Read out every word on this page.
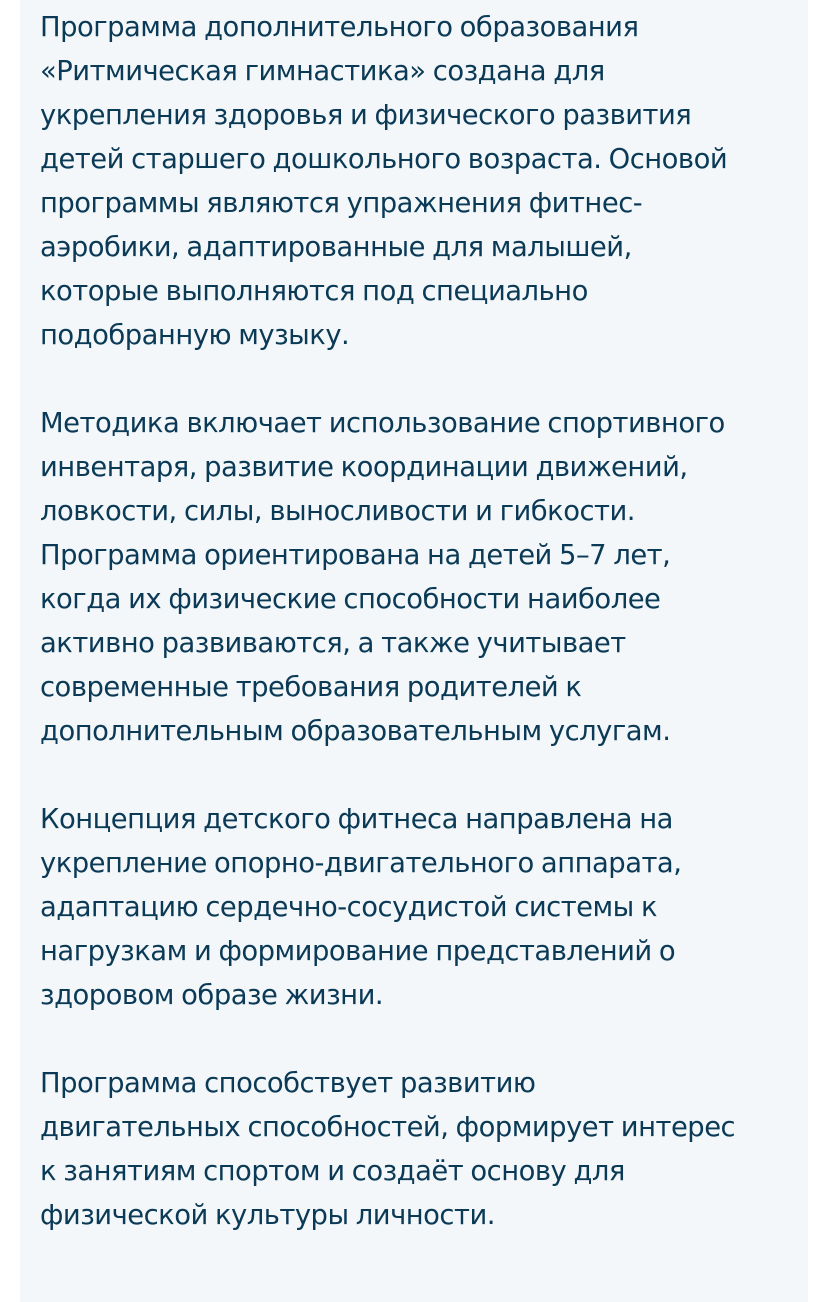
Программа дополнительного образования
«Ритмическая гимнастика» создана для
укрепления здоровья и физического развития
детей старшего дошкольного возраста. Основой
программы являются упражнения фитнес-
аэробики, адаптированные для малышей,
которые выполняются под специально
подобранную музыку.

Методика включает использование спортивного
инвентаря, развитие координации движений,
ловкости, силы, выносливости и гибкости.
Программа ориентирована на детей 5–7 лет,
когда их физические способности наиболее
активно развиваются, а также учитывает
современные требования родителей к
дополнительным образовательным услугам.

Концепция детского фитнеса направлена на
укрепление опорно-двигательного аппарата,
адаптацию сердечно-сосудистой системы к
нагрузкам и формирование представлений о
здоровом образе жизни.

Программа способствует развитию
двигательных способностей, формирует интерес
к занятиям спортом и создаёт основу для
физической культуры личности.
